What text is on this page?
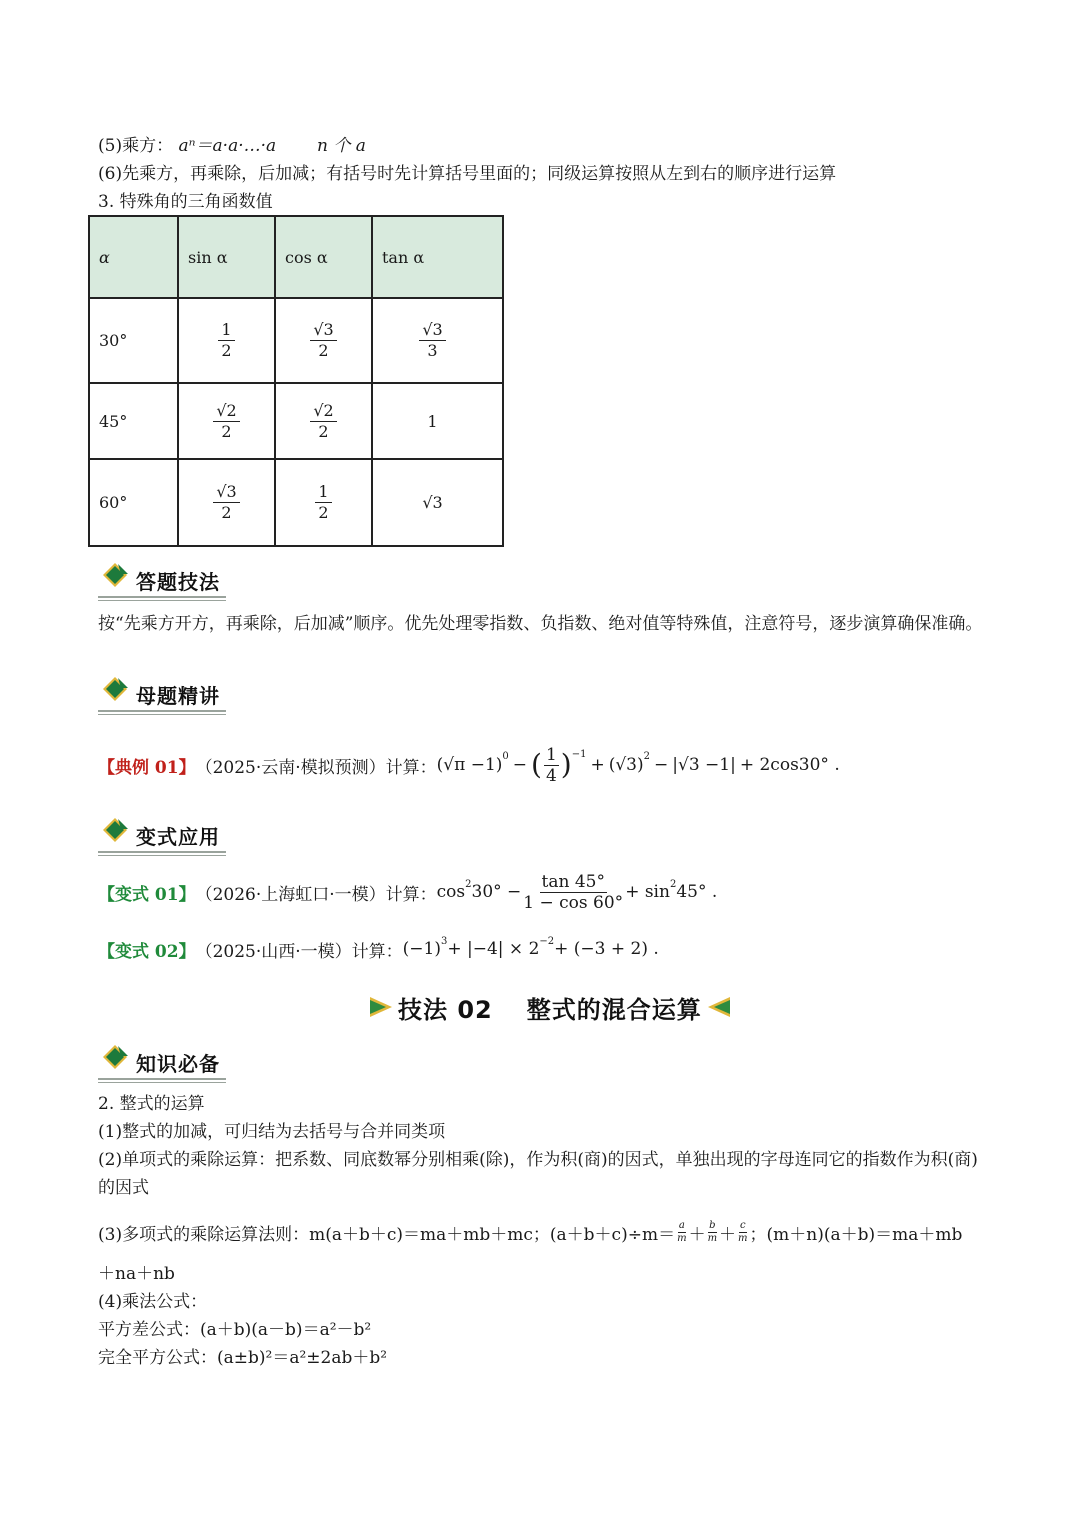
(5)乘方： aⁿ＝a·a·…·a n 个 a
(6)先乘方，再乘除，后加减；有括号时先计算括号里面的；同级运算按照从左到右的顺序进行运算
3. 特殊角的三角函数值
α	sin α	cos α	tan α
30°	$\frac{1}{2}$	$\frac{√3}{2}$	$\frac{√3}{3}$

45°	$\frac{√2}{2}$	$\frac{√2}{2}$	1
60°	$\frac{√3}{2}$	$\frac{1}{2}$	√3
答题技法
按“先乘方开方，再乘除，后加减”顺序。优先处理零指数、负指数、绝对值等特殊值，注意符号，逐步演算确保准确。
母题精讲
【典例 01】 （2025·云南·模拟预测）计算： $(√\pi -1)^0$ − ( $\frac{1}{4} )^{-1}$
+ $(√3)^2 - |√3 -1| + 2\cos 30^\circ$ .
变式应用
【变式 01】 （2026·上海虹口·一模）计算： $\cos^2 30^\circ - \frac{\tan 45^\circ}{1 - \cos 60^\circ} + \sin^2 45^\circ$ .
【变式 02】 （2025·山西·一模）计算： $(-1)^3 + |-4| \times 2^{-2} + (-3 + 2)$ .
技法 02 整式的混合运算
知识必备
2. 整式的运算
(1)整式的加减，可归结为去括号与合并同类项
(2)单项式的乘除运算：把系数、同底数幂分别相乘(除)，作为积(商)的因式，单独出现的字母连同它的指数作为积(商)的因式
(3)多项式的乘除运算法则：m(a＋b＋c)＝ma＋mb＋mc；$(a+b+c)\div m= \frac{a}{m} + \frac{b}{m} + \frac{c}{m}$ ； (m＋n)(a＋b)＝ma＋mb
＋na＋nb
(4)乘法公式：
平方差公式：(a＋b)(a－b)＝a²－b²
完全平方公式：(a±b)²＝a²±2ab＋b²
